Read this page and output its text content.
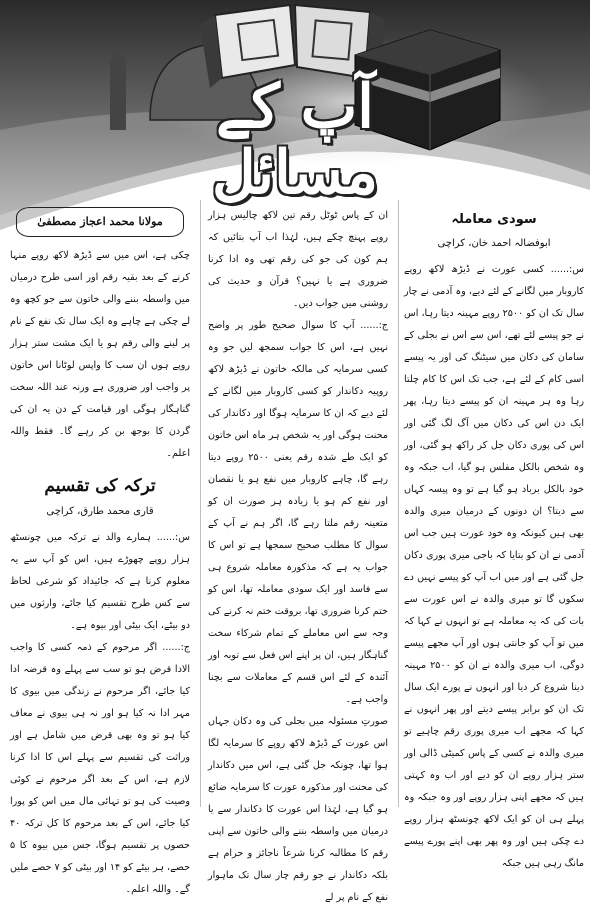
آپ کے مسائل
سودی معاملہ
ابوفضالہ احمد خان، کراچی

س:...... کسی عورت نے ڈیڑھ لاکھ روپے کاروبار میں لگانے کے لئے دیے، وہ آدمی نے چار سال تک ان کو ۲۵۰۰ روپے مہینہ دیتا رہا، اس نے جو پیسے لئے تھے، اس سے اس نے بجلی کے سامان کی دکان میں سیٹنگ کی اور یہ پیسے اسی کام کے لئے ہے، جب تک اس کا کام چلتا رہا وہ ہر مہینہ ان کو پیسے دیتا رہا، پھر ایک دن اس کی دکان میں آگ لگ گئی اور اس کی پوری دکان جل کر راکھ ہو گئی، اور وہ شخص بالکل مفلس ہو گیا، اب جبکہ وہ خود بالکل برباد ہو گیا ہے تو وہ پیسہ کہاں سے دیتا؟ ان دونوں کے درمیان میری والدہ بھی ہیں کیونکہ وہ خود عورت ہیں جب اس آدمی نے ان کو بتایا کہ باجی میری پوری دکان جل گئی ہے اور میں اب آپ کو پیسے نہیں دے سکوں گا تو میری والدہ نے اس عورت سے بات کی کہ یہ معاملہ ہے تو انہوں نے کہا کہ میں تو آپ کو جانتی ہوں اور آپ مجھے پیسے دوگی، اب میری والدہ نے ان کو ۲۵۰۰ مہینہ دینا شروع کر دیا اور انہوں نے پورے ایک سال تک ان کو برابر پیسے دیتے اور پھر انہوں نے کہا کہ مجھے اب میری پوری رقم چاہیے تو میری والدہ نے کسی کے پاس کمیٹی ڈالی اور ستر ہزار روپے ان کو دیے اور اب وہ کہتی ہیں کہ مجھے اپنی ہزار روپے اور وہ جبکہ وہ پہلے ہی ان کو ایک لاکھ چونسٹھ ہزار روپے دے چکی ہیں اور وہ پھر بھی اپنے پورے پیسے مانگ رہی ہیں جبکہ

ان کے پاس ٹوٹل رقم تین لاکھ چالیس ہزار روپے پہنچ چکے ہیں، لہٰذا اب آپ بتائیں کہ ہم کون کی جو کی رقم تھی وہ ادا کرنا ضروری ہے یا نہیں؟ قرآن و حدیث کی روشنی میں جواب دیں۔

ج:...... آپ کا سوال صحیح طور پر واضح نہیں ہے، اس کا جواب سمجھ لیں جو وہ کسی سرمایہ کی مالکہ خاتون نے ڈیڑھ لاکھ روپیہ دکاندار کو کسی کاروبار میں لگانے کے لئے دیے کہ ان کا سرمایہ ہوگا اور دکاندار کی محنت ہوگی اور یہ شخص ہر ماہ اس خاتون کو ایک طے شدہ رقم یعنی ۲۵۰۰ روپے دیتا رہے گا، چاہے کاروبار میں نفع ہو یا نقصان اور نفع کم ہو یا زیادہ ہر صورت ان کو متعینہ رقم ملتا رہے گا، اگر ہم نے آپ کے سوال کا مطلب صحیح سمجھا ہے تو اس کا جواب یہ ہے کہ مذکورہ معاملہ شروع ہی سے فاسد اور ایک سودی معاملہ تھا، اس کو ختم کرنا ضروری تھا، بروقت ختم نہ کرنے کی وجہ سے اس معاملے کے تمام شرکاء سخت گناہگار ہیں، ان پر اپنے اس فعل سے توبہ اور آئندہ کے لئے اس قسم کے معاملات سے بچنا واجب ہے۔

صورتِ مسئولہ میں بجلی کی وہ دکان جہاں اس عورت کے ڈیڑھ لاکھ روپے کا سرمایہ لگا ہوا تھا، چونکہ جل گئی ہے، اس میں دکاندار کی محنت اور مذکورہ عورت کا سرمایہ ضائع ہو گیا ہے، لہٰذا اس عورت کا دکاندار سے یا درمیان میں واسطہ بننے والی خاتون سے اپنی رقم کا مطالبہ کرنا شرعاً ناجائز و حرام ہے بلکہ دکاندار نے جو رقم چار سال تک ماہوار نفع کے نام پر لے

مولانا محمد اعجاز مصطفیٰ

چکی ہے، اس میں سے ڈیڑھ لاکھ روپے منہا کرنے کے بعد بقیہ رقم اور اسی طرح درمیان میں واسطہ بننے والی خاتون سے جو کچھ وہ لے چکی ہے چاہے وہ ایک سال تک نفع کے نام پر لینے والی رقم ہو یا ایک مشت ستر ہزار روپے ہوں ان سب کا واپس لوٹانا اس خاتون پر واجب اور ضروری ہے ورنہ عند اللہ سخت گناہگار ہوگی اور قیامت کے دن یہ ان کی گردن کا بوجھ بن کر رہے گا۔ فقط واللہ اعلم۔

ترکہ کی تقسیم
قاری محمد طارق، کراچی

س:...... ہمارے والد نے ترکہ میں چونسٹھ ہزار روپے چھوڑے ہیں، اس کو آپ سے یہ معلوم کرنا ہے کہ جائیداد کو شرعی لحاظ سے کس طرح تقسیم کیا جائے، وارثوں میں دو بیٹے، ایک بیٹی اور بیوہ ہے۔

ج:...... اگر مرحوم کے ذمہ کسی کا واجب الادا قرض ہو تو سب سے پہلے وہ قرضہ ادا کیا جائے، اگر مرحوم نے زندگی میں بیوی کا مہر ادا نہ کیا ہو اور نہ ہی بیوی نے معاف کیا ہو تو وہ بھی قرض میں شامل ہے اور وراثت کی تقسیم سے پہلے اس کا ادا کرنا لازم ہے، اس کے بعد اگر مرحوم نے کوئی وصیت کی ہو تو تہائی مال میں اس کو پورا کیا جائے، اس کے بعد مرحوم کا کل ترکہ ۴۰ حصوں پر تقسیم ہوگا، جس میں بیوہ کا ۵ حصے، ہر بیٹے کو ۱۴ اور بیٹی کو ۷ حصے ملیں گے۔ واللہ اعلم۔
